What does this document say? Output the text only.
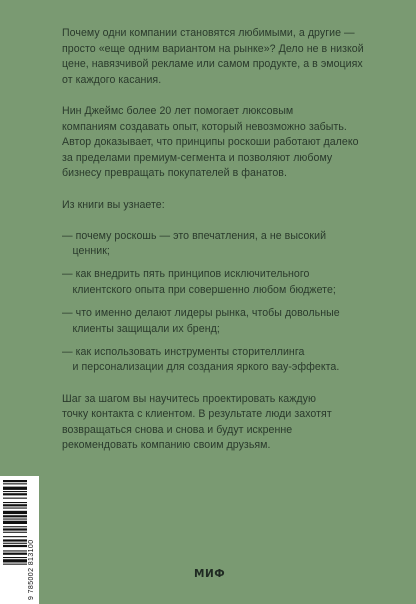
Почему одни компании становятся любимыми, а другие —
просто «еще одним вариантом на рынке»? Дело не в низкой
цене, навязчивой рекламе или самом продукте, а в эмоциях
от каждого касания.

Нин Джеймс более 20 лет помогает люксовым
компаниям создавать опыт, который невозможно забыть.
Автор доказывает, что принципы роскоши работают далеко
за пределами премиум-сегмента и позволяют любому
бизнесу превращать покупателей в фанатов.

Из книги вы узнаете:

— почему роскошь — это впечатления, а не высокий
ценник;
— как внедрить пять принципов исключительного
клиентского опыта при совершенно любом бюджете;
— что именно делают лидеры рынка, чтобы довольные
клиенты защищали их бренд;
— как использовать инструменты сторителлинга
и персонализации для создания яркого вау-эффекта.

Шаг за шагом вы научитесь проектировать каждую
точку контакта с клиентом. В результате люди захотят
возвращаться снова и снова и будут искренне
рекомендовать компанию своим друзьям.

9 785002 813100	МИФ
